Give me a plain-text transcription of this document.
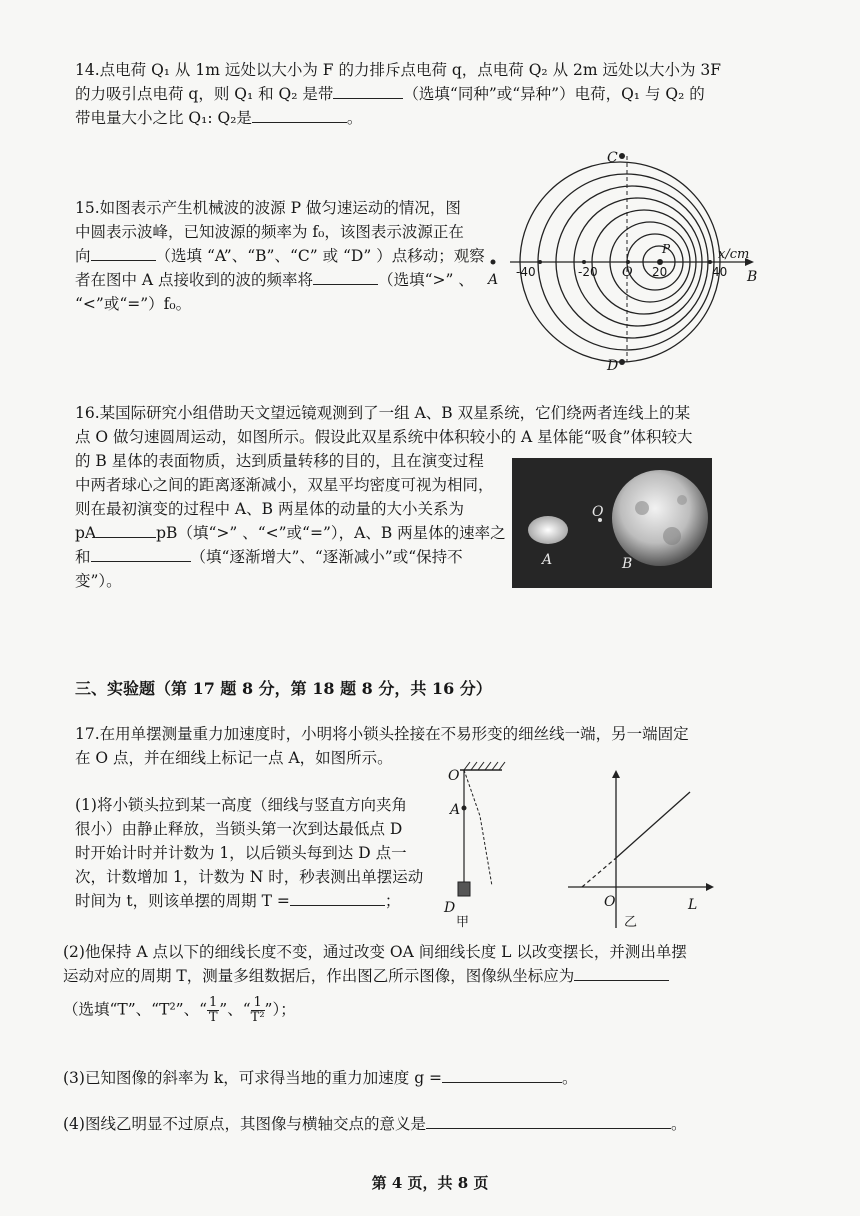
14.点电荷 Q₁ 从 1m 远处以大小为 F 的力排斥点电荷 q，点电荷 Q₂ 从 2m 远处以大小为 3F
的力吸引点电荷 q，则 Q₁ 和 Q₂ 是带	（选填“同种”或“异种”）电荷，Q₁ 与 Q₂ 的
带电量大小之比 Q₁: Q₂是	。
15.如图表示产生机械波的波源 P 做匀速运动的情况，图
中圆表示波峰，已知波源的频率为 f₀，该图表示波源正在
向	（选填 “A”、“B”、“C” 或 “D” ）点移动；观察
者在图中 A 点接收到的波的频率将	（选填“>” 、
“<”或“=”）f₀。
C
D
A	B
P	x/cm
O
-40	-20	20	40
16.某国际研究小组借助天文望远镜观测到了一组 A、B 双星系统，它们绕两者连线上的某
点 O 做匀速圆周运动，如图所示。假设此双星系统中体积较小的 A 星体能“吸食”体积较大
的 B 星体的表面物质，达到质量转移的目的，且在演变过程
中两者球心之间的距离逐渐减小，双星平均密度可视为相同，
则在最初演变的过程中 A、B 两星体的动量的大小关系为
pA	pB（填“>” 、“<”或“=”），A、B 两星体的速率之
和	（填“逐渐增大”、“逐渐减小”或“保持不
变”）。
A	B
O
三、实验题（第 17 题 8 分，第 18 题 8 分，共 16 分）
17.在用单摆测量重力加速度时，小明将小锁头拴接在不易形变的细丝线一端，另一端固定
在 O 点，并在细线上标记一点 A，如图所示。
(1)将小锁头拉到某一高度（细线与竖直方向夹角
很小）由静止释放，当锁头第一次到达最低点 D
时开始计时并计数为 1，以后锁头每到达 D 点一
次，计数增加 1，计数为 N 时，秒表测出单摆运动
时间为 t，则该单摆的周期 T =	；
O
A
D
甲
O	L
乙
(2)他保持 A 点以下的细线长度不变，通过改变 OA 间细线长度 L 以改变摆长，并测出单摆
运动对应的周期 T，测量多组数据后，作出图乙所示图像，图像纵坐标应为
（选填“T”、“T²”、“ $\frac{1}{T}$ ”、“ $\frac{1}{\text{T²}}$ ”）；
(3)已知图像的斜率为 k，可求得当地的重力加速度 g =	。
(4)图线乙明显不过原点，其图像与横轴交点的意义是	。
第 4 页，共 8 页
